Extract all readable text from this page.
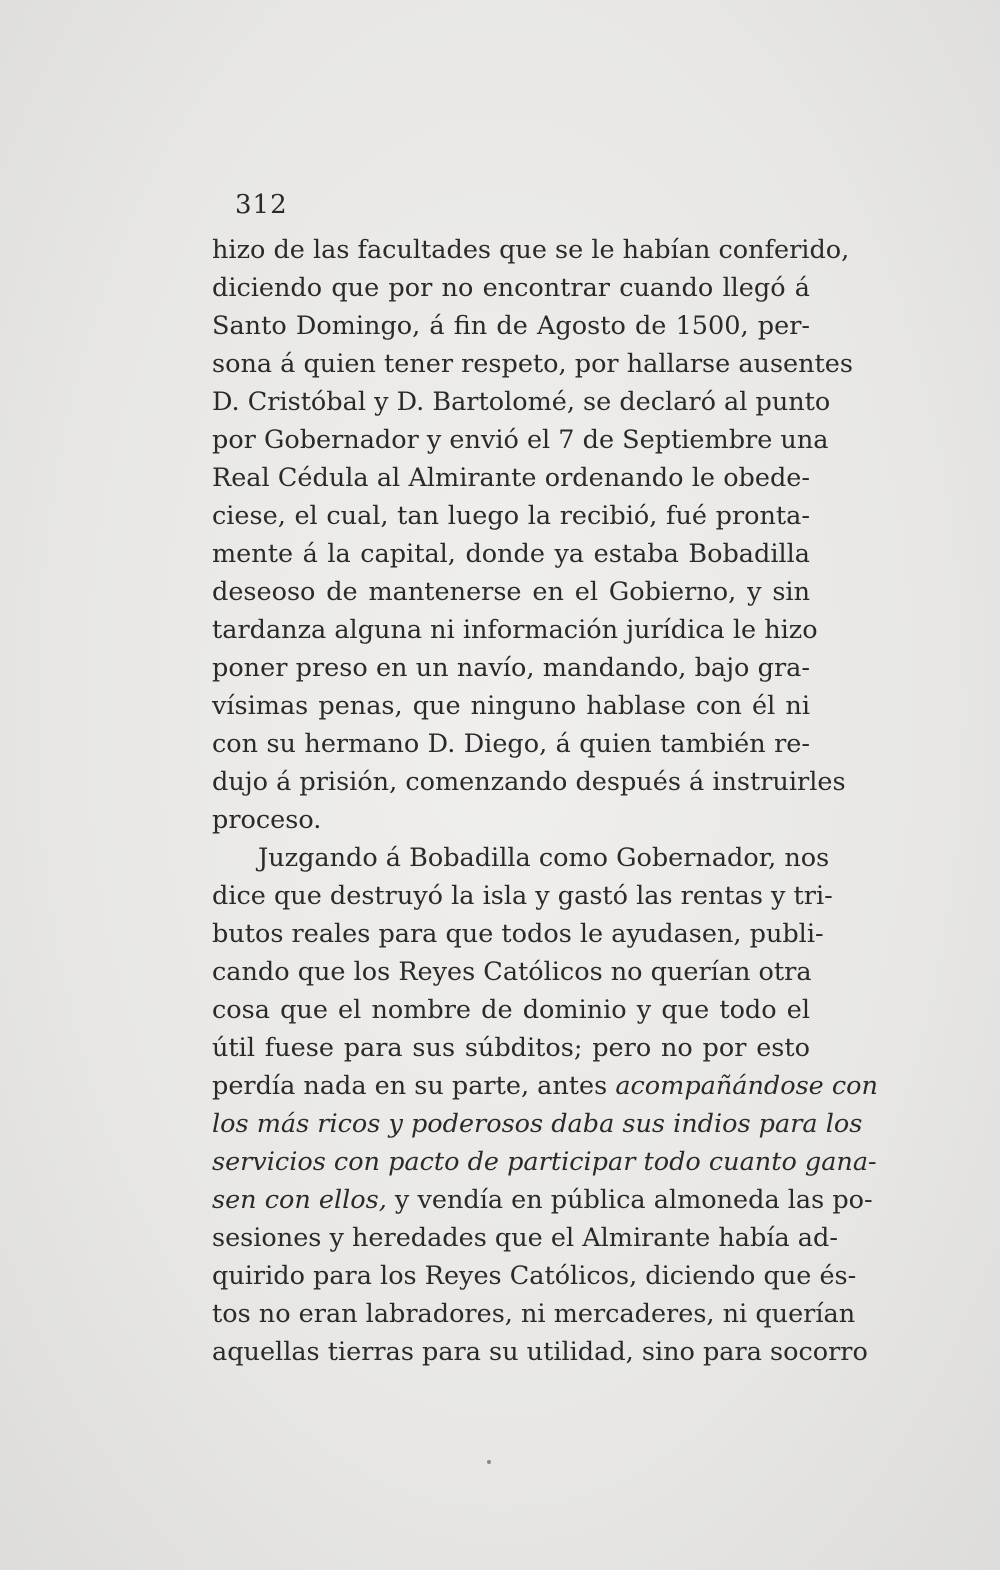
312
hizo de las facultades que se le habían conferido,
diciendo que por no encontrar cuando llegó á
Santo Domingo, á fin de Agosto de 1500, per-
sona á quien tener respeto, por hallarse ausentes
D. Cristóbal y D. Bartolomé, se declaró al punto
por Gobernador y envió el 7 de Septiembre una
Real Cédula al Almirante ordenando le obede-
ciese, el cual, tan luego la recibió, fué pronta-
mente á la capital, donde ya estaba Bobadilla
deseoso de mantenerse en el Gobierno, y sin
tardanza alguna ni información jurídica le hizo
poner preso en un navío, mandando, bajo gra-
vísimas penas, que ninguno hablase con él ni
con su hermano D. Diego, á quien también re-
dujo á prisión, comenzando después á instruirles
proceso.
Juzgando á Bobadilla como Gobernador, nos
dice que destruyó la isla y gastó las rentas y tri-
butos reales para que todos le ayudasen, publi-
cando que los Reyes Católicos no querían otra
cosa que el nombre de dominio y que todo el
útil fuese para sus súbditos; pero no por esto
perdía nada en su parte, antes acompañándose con
los más ricos y poderosos daba sus indios para los
servicios con pacto de participar todo cuanto gana-
sen con ellos, y vendía en pública almoneda las po-
sesiones y heredades que el Almirante había ad-
quirido para los Reyes Católicos, diciendo que és-
tos no eran labradores, ni mercaderes, ni querían
aquellas tierras para su utilidad, sino para socorro
